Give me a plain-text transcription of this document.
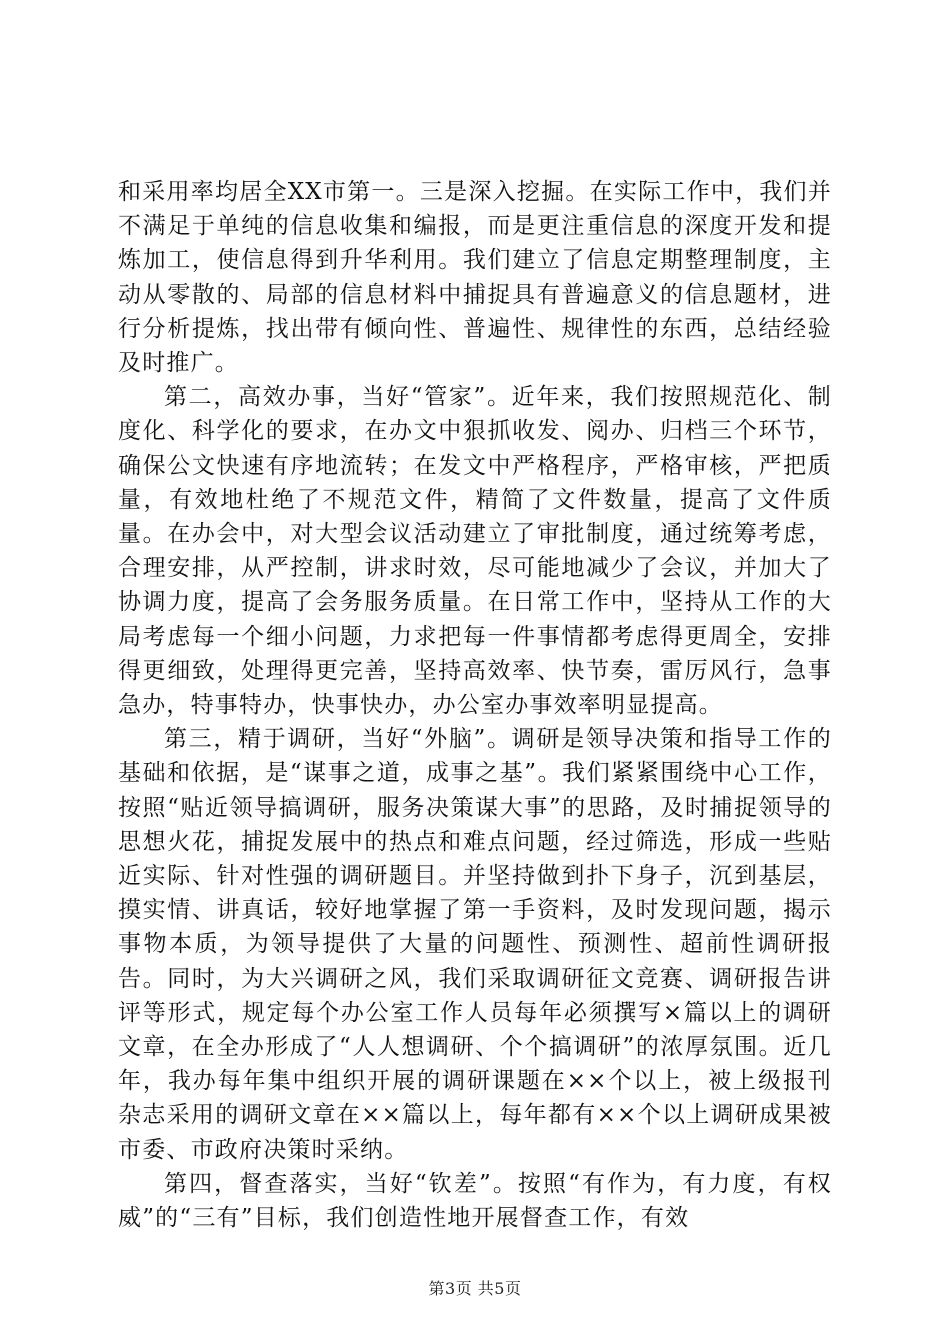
和采用率均居全XX市第一。三是深入挖掘。在实际工作中，我们并不满足于单纯的信息收集和编报，而是更注重信息的深度开发和提炼加工，使信息得到升华利用。我们建立了信息定期整理制度，主动从零散的、局部的信息材料中捕捉具有普遍意义的信息题材，进行分析提炼，找出带有倾向性、普遍性、规律性的东西，总结经验及时推广。

第二，高效办事，当好“管家”。近年来，我们按照规范化、制度化、科学化的要求，在办文中狠抓收发、阅办、归档三个环节，确保公文快速有序地流转；在发文中严格程序，严格审核，严把质量，有效地杜绝了不规范文件，精简了文件数量，提高了文件质量。在办会中，对大型会议活动建立了审批制度，通过统筹考虑，合理安排，从严控制，讲求时效，尽可能地减少了会议，并加大了协调力度，提高了会务服务质量。在日常工作中，坚持从工作的大局考虑每一个细小问题，力求把每一件事情都考虑得更周全，安排得更细致，处理得更完善，坚持高效率、快节奏，雷厉风行，急事急办，特事特办，快事快办，办公室办事效率明显提高。

第三，精于调研，当好“外脑”。调研是领导决策和指导工作的基础和依据，是“谋事之道，成事之基”。我们紧紧围绕中心工作，按照“贴近领导搞调研，服务决策谋大事”的思路，及时捕捉领导的思想火花，捕捉发展中的热点和难点问题，经过筛选，形成一些贴近实际、针对性强的调研题目。并坚持做到扑下身子，沉到基层，摸实情、讲真话，较好地掌握了第一手资料，及时发现问题，揭示事物本质，为领导提供了大量的问题性、预测性、超前性调研报告。同时，为大兴调研之风，我们采取调研征文竞赛、调研报告讲评等形式，规定每个办公室工作人员每年必须撰写×篇以上的调研文章，在全办形成了“人人想调研、个个搞调研”的浓厚氛围。近几年，我办每年集中组织开展的调研课题在××个以上，被上级报刊杂志采用的调研文章在××篇以上，每年都有××个以上调研成果被市委、市政府决策时采纳。

第四，督查落实，当好“钦差”。按照“有作为，有力度，有权威”的“三有”目标，我们创造性地开展督查工作，有效

第3页 共5页
